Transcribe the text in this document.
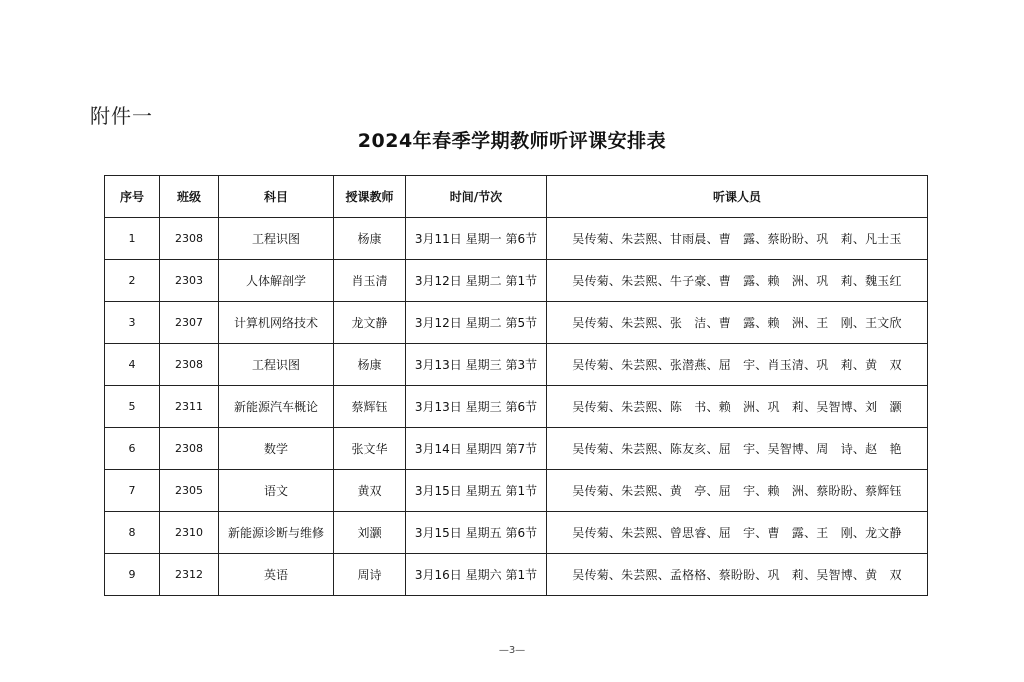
附件一
2024年春季学期教师听评课安排表
序号	班级	科目	授课教师	时间/节次	听课人员
1	2308	工程识图	杨康	3月11日 星期一 第6节	吴传菊、朱芸熙、甘雨晨、曹　露、蔡盼盼、巩　莉、凡士玉
2	2303	人体解剖学	肖玉清	3月12日 星期二 第1节	吴传菊、朱芸熙、牛子豪、曹　露、赖　洲、巩　莉、魏玉红
3	2307	计算机网络技术	龙文静	3月12日 星期二 第5节	吴传菊、朱芸熙、张　洁、曹　露、赖　洲、王　刚、王文欣
4	2308	工程识图	杨康	3月13日 星期三 第3节	吴传菊、朱芸熙、张潜燕、屈　宇、肖玉清、巩　莉、黄　双
5	2311	新能源汽车概论	蔡辉钰	3月13日 星期三 第6节	吴传菊、朱芸熙、陈　书、赖　洲、巩　莉、吴智博、刘　灏
6	2308	数学	张文华	3月14日 星期四 第7节	吴传菊、朱芸熙、陈友亥、屈　宇、吴智博、周　诗、赵　艳
7	2305	语文	黄双	3月15日 星期五 第1节	吴传菊、朱芸熙、黄　亭、屈　宇、赖　洲、蔡盼盼、蔡辉钰
8	2310	新能源诊断与维修	刘灏	3月15日 星期五 第6节	吴传菊、朱芸熙、曾思睿、屈　宇、曹　露、王　刚、龙文静
9	2312	英语	周诗	3月16日 星期六 第1节	吴传菊、朱芸熙、孟格格、蔡盼盼、巩　莉、吴智博、黄　双
—3—
